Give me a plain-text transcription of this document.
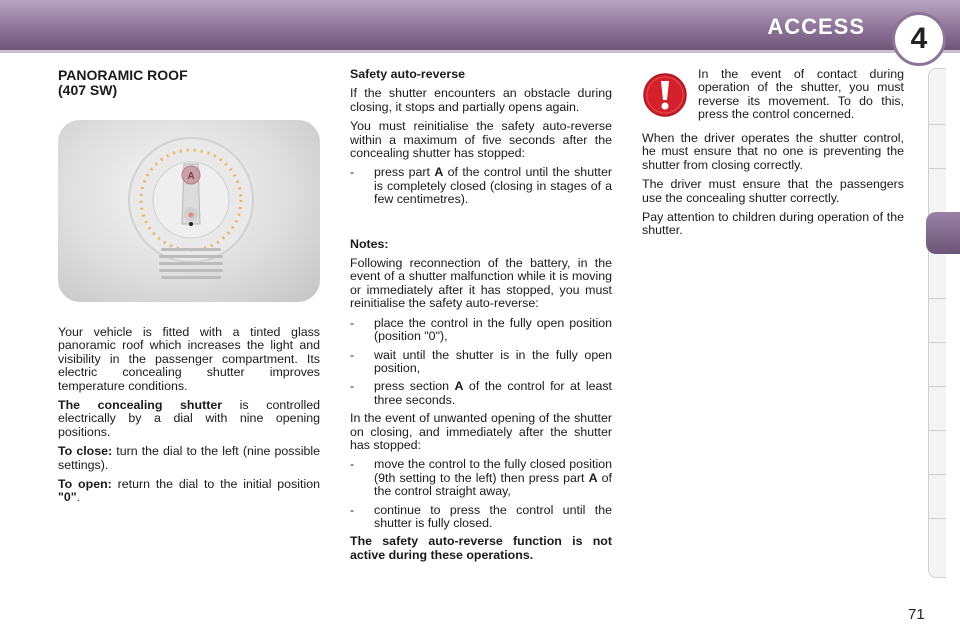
ACCESS	4
PANORAMIC ROOF
(407 SW)
A

Your vehicle is fitted with a tinted glass panoramic roof which increases the light and visibility in the passenger compartment. Its electric concealing shutter improves temperature conditions.

The concealing shutter is controlled electrically by a dial with nine opening positions.

To close: turn the dial to the left (nine possible settings).

To open: return the dial to the initial position "0".

Safety auto-reverse

If the shutter encounters an obstacle during closing, it stops and partially opens again.

You must reinitialise the safety auto-reverse within a maximum of five seconds after the concealing shutter has stopped:

- press part A of the control until the shutter is completely closed (closing in stages of a few centimetres).

Notes:

Following reconnection of the battery, in the event of a shutter malfunction while it is moving or immediately after it has stopped, you must reinitialise the safety auto-reverse:

- place the control in the fully open position (position "0"),
- wait until the shutter is in the fully open position,
- press section A of the control for at least three seconds.

In the event of unwanted opening of the shutter on closing, and immediately after the shutter has stopped:

- move the control to the fully closed position (9th setting to the left) then press part A of the control straight away,
- continue to press the control until the shutter is fully closed.

The safety auto-reverse function is not active during these operations.

In the event of contact during operation of the shutter, you must reverse its movement. To do this, press the control concerned.

When the driver operates the shutter control, he must ensure that no one is preventing the shutter from closing correctly.

The driver must ensure that the passengers use the concealing shutter correctly.

Pay attention to children during operation of the shutter.

71
